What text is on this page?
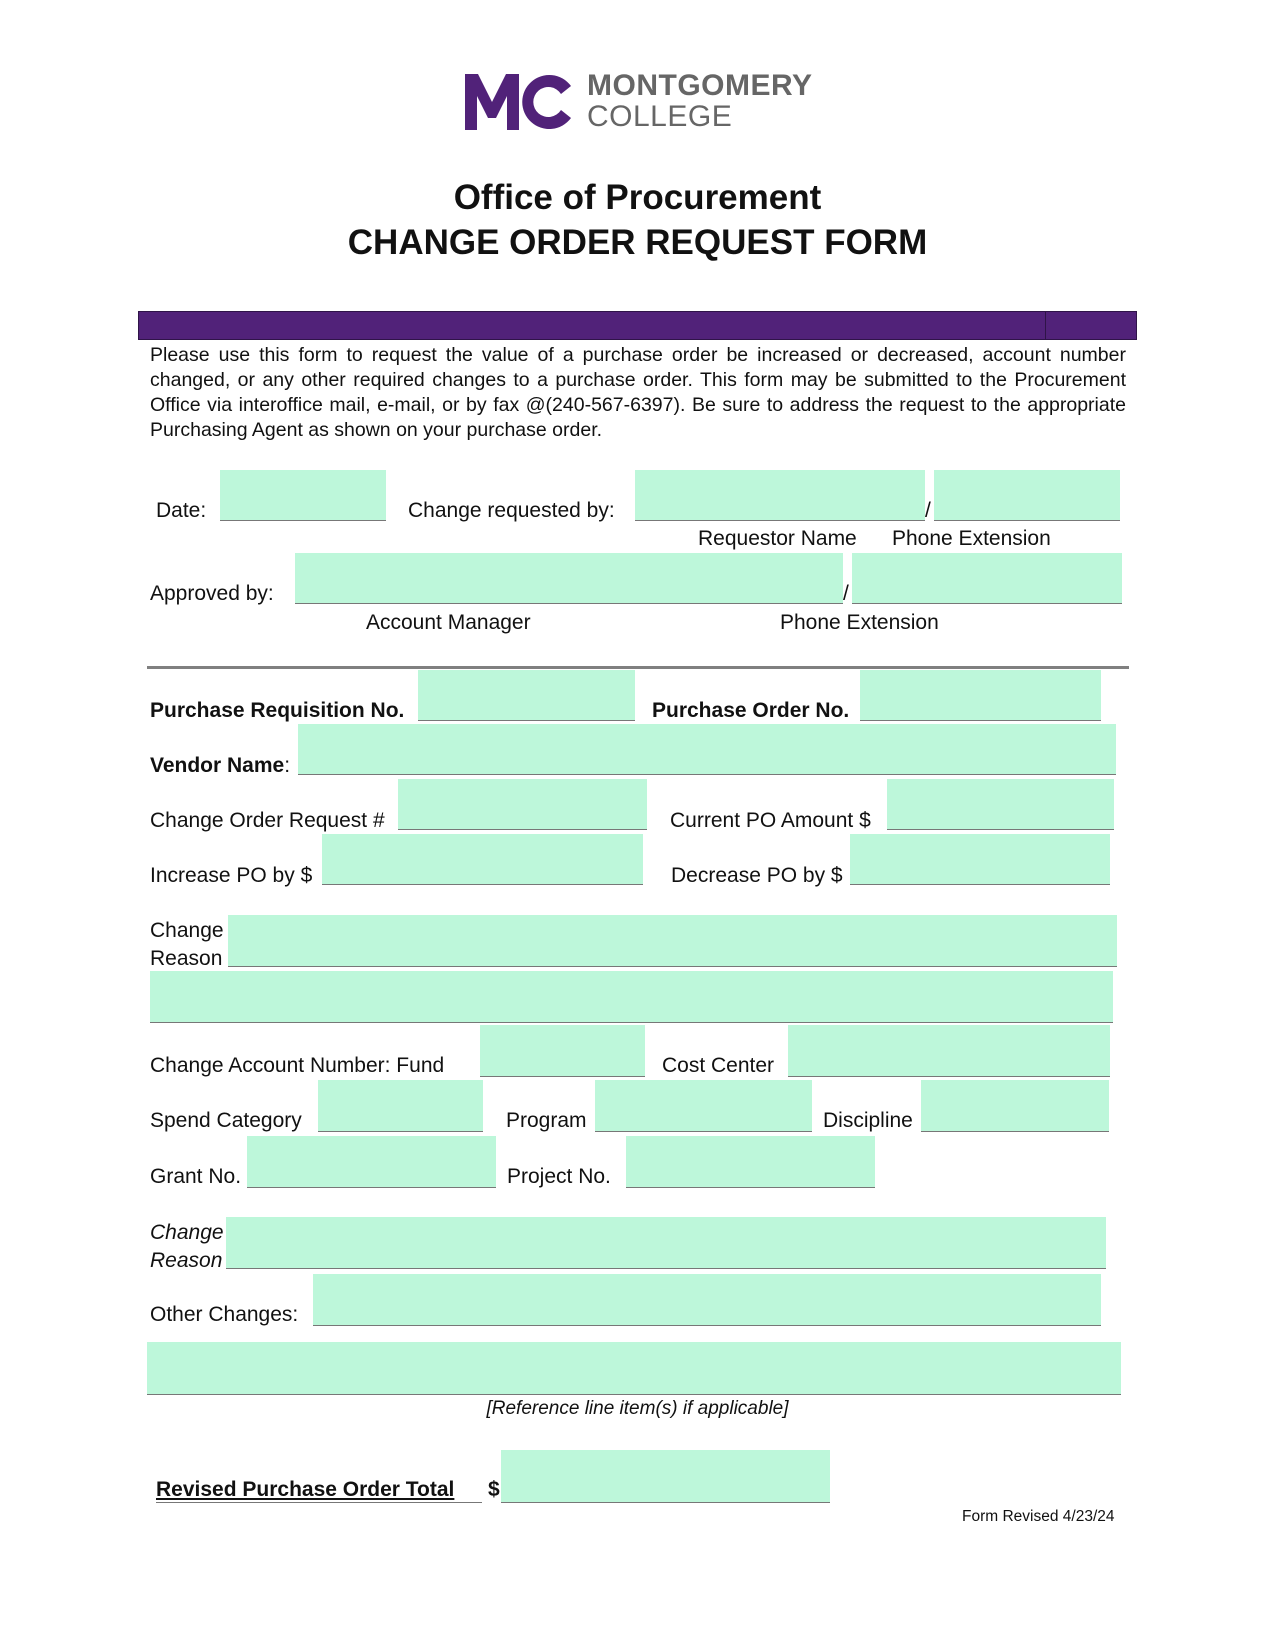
MONTGOMERY
COLLEGE
Office of Procurement
CHANGE ORDER REQUEST FORM
Please use this form to request the value of a purchase order be increased or decreased, account number changed, or any other required changes to a purchase order. This form may be submitted to the Procurement Office via interoffice mail, e-mail, or by fax @(240-567-6397). Be sure to address the request to the appropriate Purchasing Agent as shown on your purchase order.
Date:	Change requested by:	/
Requestor Name Phone Extension
Approved by:	/
Account Manager	Phone Extension
Purchase Requisition No.	Purchase Order No.
Vendor Name:
Change Order Request #	Current PO Amount $
Increase PO by $	Decrease PO by $
Change
Reason
Change Account Number: Fund	Cost Center
Spend Category	Program	Discipline
Grant No.	Project No.
Change
Reason
Other Changes:
[Reference line item(s) if applicable]
Revised Purchase Order Total $
Form Revised 4/23/24
